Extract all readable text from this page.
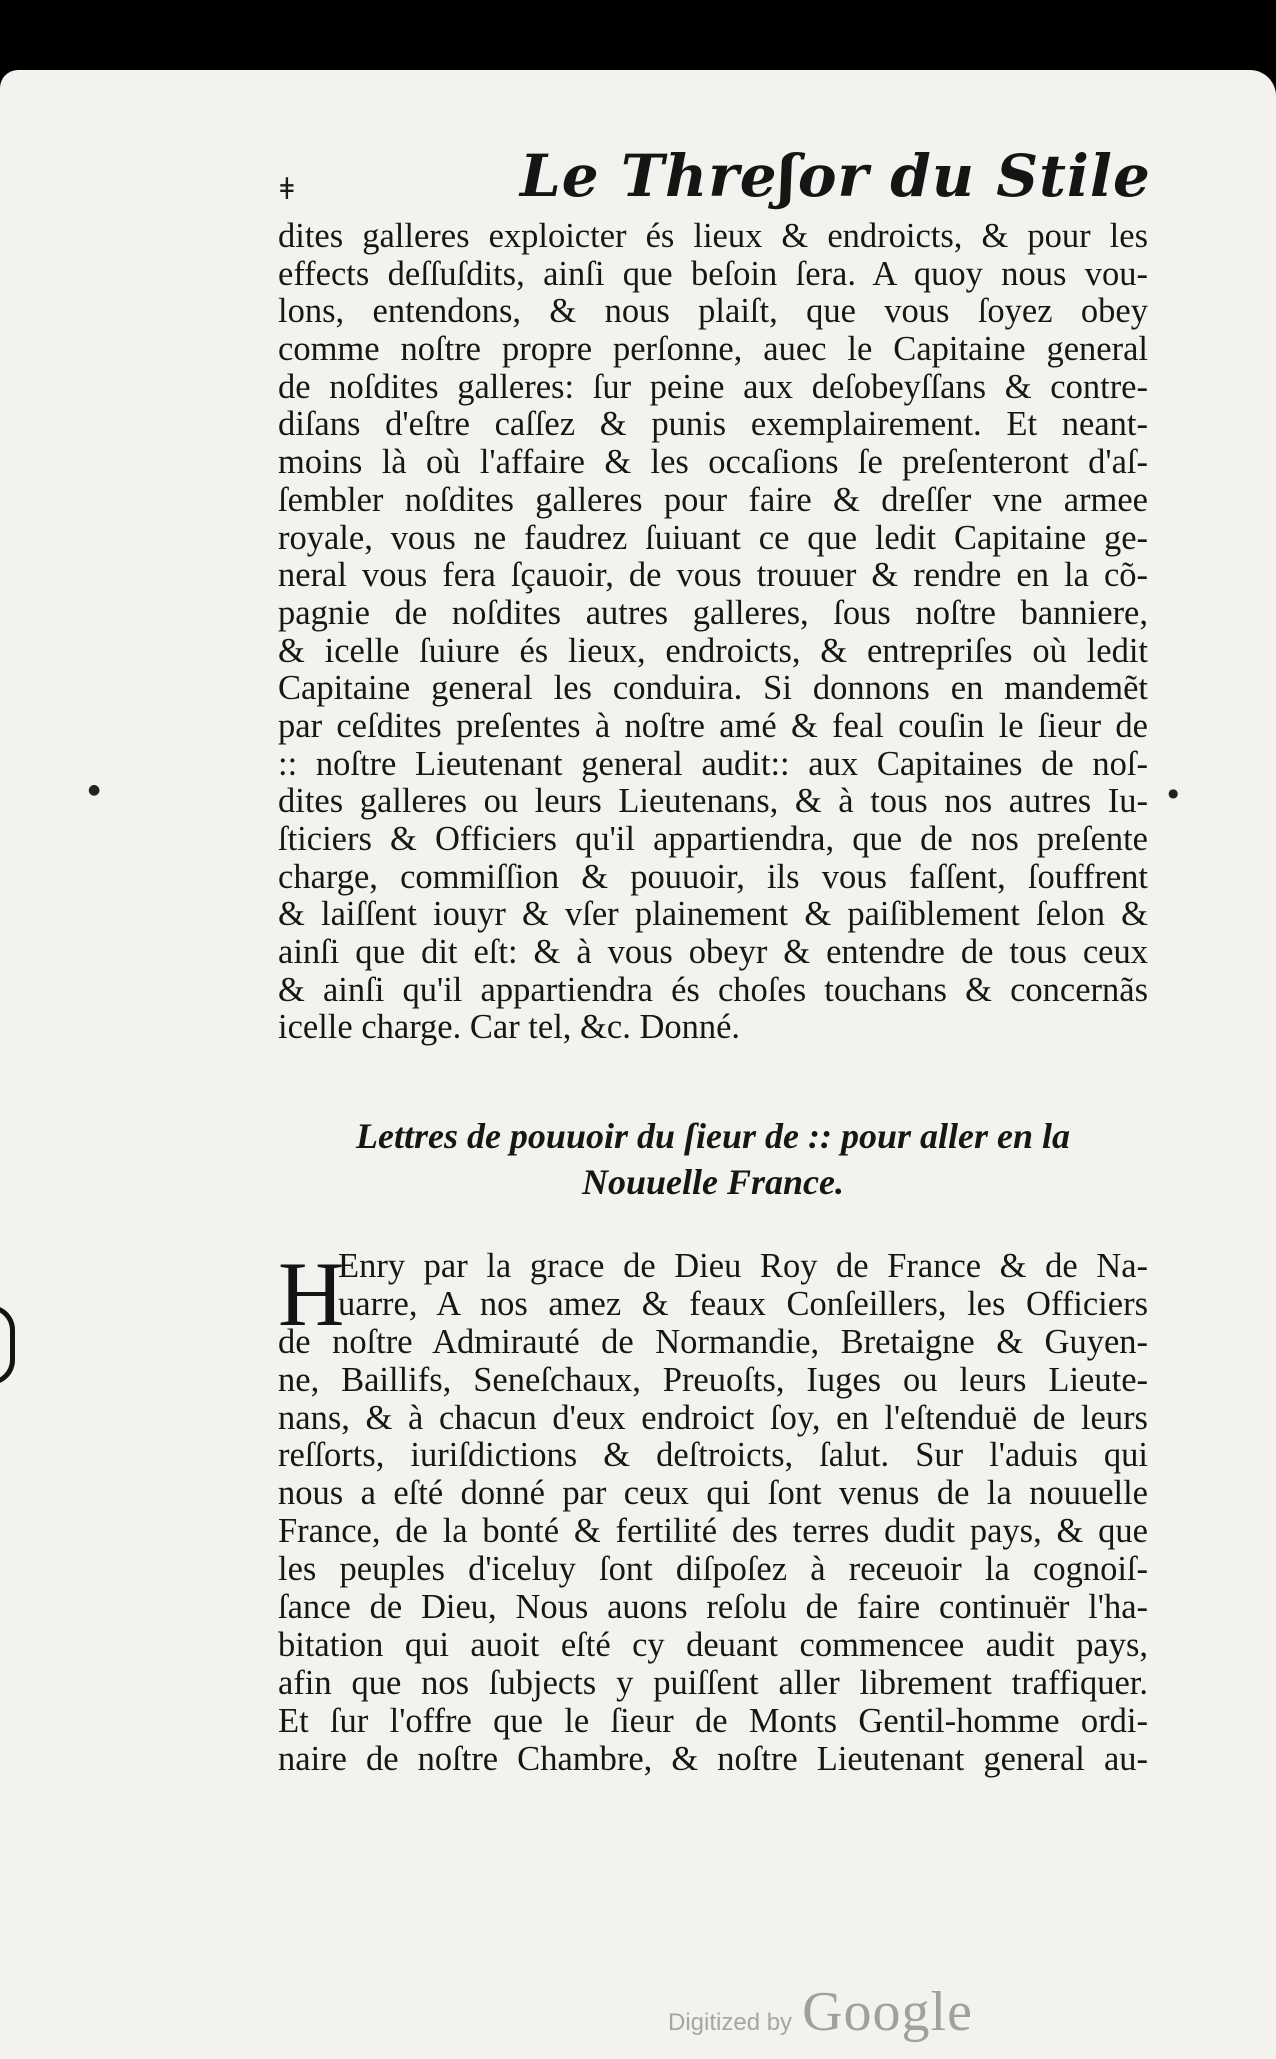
ǂ	Le Threʃor du Stile
dites galleres exploicter és lieux & endroicts, & pour les
effects deſſuſdits, ainſi que beſoin ſera. A quoy nous vou-
lons, entendons, & nous plaiſt, que vous ſoyez obey
comme noſtre propre perſonne, auec le Capitaine general
de noſdites galleres: ſur peine aux deſobeyſſans & contre-
diſans d'eſtre caſſez & punis exemplairement. Et neant-
moins là où l'affaire & les occaſions ſe preſenteront d'aſ-
ſembler noſdites galleres pour faire & dreſſer vne armee
royale, vous ne faudrez ſuiuant ce que ledit Capitaine ge-
neral vous fera ſçauoir, de vous trouuer & rendre en la cõ-
pagnie de noſdites autres galleres, ſous noſtre banniere,
& icelle ſuiure és lieux, endroicts, & entrepriſes où ledit
Capitaine general les conduira. Si donnons en mandemẽt
par ceſdites preſentes à noſtre amé & feal couſin le ſieur de
:: noſtre Lieutenant general audit:: aux Capitaines de noſ-
dites galleres ou leurs Lieutenans, & à tous nos autres Iu-
ſticiers & Officiers qu'il appartiendra, que de nos preſente
charge, commiſſion & pouuoir, ils vous faſſent, ſouffrent
& laiſſent iouyr & vſer plainement & paiſiblement ſelon &
ainſi que dit eſt: & à vous obeyr & entendre de tous ceux
& ainſi qu'il appartiendra és choſes touchans & concernãs
icelle charge. Car tel, &c. Donné.
Lettres de pouuoir du ſieur de :: pour aller en la
Nouuelle France.
H
Enry par la grace de Dieu Roy de France & de Na-
uarre, A nos amez & feaux Conſeillers, les Officiers
de noſtre Admirauté de Normandie, Bretaigne & Guyen-
ne, Baillifs, Seneſchaux, Preuoſts, Iuges ou leurs Lieute-
nans, & à chacun d'eux endroict ſoy, en l'eſtenduë de leurs
reſſorts, iuriſdictions & deſtroicts, ſalut. Sur l'aduis qui
nous a eſté donné par ceux qui ſont venus de la nouuelle
France, de la bonté & fertilité des terres dudit pays, & que
les peuples d'iceluy ſont diſpoſez à receuoir la cognoiſ-
ſance de Dieu, Nous auons reſolu de faire continuër l'ha-
bitation qui auoit eſté cy deuant commencee audit pays,
afin que nos ſubjects y puiſſent aller librement traffiquer.
Et ſur l'offre que le ſieur de Monts Gentil-homme ordi-
naire de noſtre Chambre, & noſtre Lieutenant general au-
●	●
Digitized by Google
